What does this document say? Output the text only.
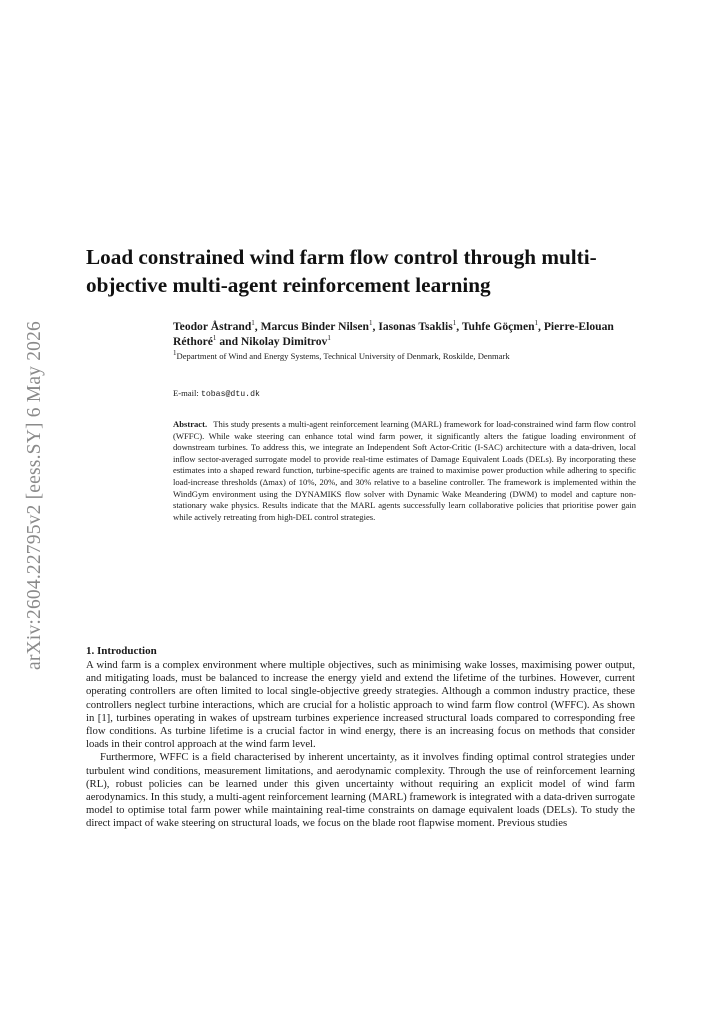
arXiv:2604.22795v2 [eess.SY] 6 May 2026
Load constrained wind farm flow control through multi-objective multi-agent reinforcement learning
Teodor Åstrand$^1$, Marcus Binder Nilsen$^1$, Iasonas Tsaklis$^1$, Tuhfe Göçmen$^1$, Pierre-Elouan Réthoré$^1$ and Nikolay Dimitrov$^1$
$^1$Department of Wind and Energy Systems, Technical University of Denmark, Roskilde, Denmark
E-mail: tobas@dtu.dk

Abstract. This study presents a multi-agent reinforcement learning (MARL) framework for load-constrained wind farm flow control (WFFC). While wake steering can enhance total wind farm power, it significantly alters the fatigue loading environment of downstream turbines. To address this, we integrate an Independent Soft Actor-Critic (I-SAC) architecture with a data-driven, local inflow sector-averaged surrogate model to provide real-time estimates of Damage Equivalent Loads (DELs). By incorporating these estimates into a shaped reward function, turbine-specific agents are trained to maximise power production while adhering to specific load-increase thresholds (Δmax) of 10%, 20%, and 30% relative to a baseline controller. The framework is implemented within the WindGym environment using the DYNAMIKS flow solver with Dynamic Wake Meandering (DWM) to model and capture non-stationary wake physics. Results indicate that the MARL agents successfully learn collaborative policies that prioritise power gain while actively retreating from high-DEL control strategies.

1. Introduction

A wind farm is a complex environment where multiple objectives, such as minimising wake losses, maximising power output, and mitigating loads, must be balanced to increase the energy yield and extend the lifetime of the turbines. However, current operating controllers are often limited to local single-objective greedy strategies. Although a common industry practice, these controllers neglect turbine interactions, which are crucial for a holistic approach to wind farm flow control (WFFC). As shown in [1], turbines operating in wakes of upstream turbines experience increased structural loads compared to corresponding free flow conditions. As turbine lifetime is a crucial factor in wind energy, there is an increasing focus on methods that consider loads in their control approach at the wind farm level.

Furthermore, WFFC is a field characterised by inherent uncertainty, as it involves finding optimal control strategies under turbulent wind conditions, measurement limitations, and aerodynamic complexity. Through the use of reinforcement learning (RL), robust policies can be learned under this given uncertainty without requiring an explicit model of wind farm aerodynamics. In this study, a multi-agent reinforcement learning (MARL) framework is integrated with a data-driven surrogate model to optimise total farm power while maintaining real-time constraints on damage equivalent loads (DELs). To study the direct impact of wake steering on structural loads, we focus on the blade root flapwise moment. Previous studies
